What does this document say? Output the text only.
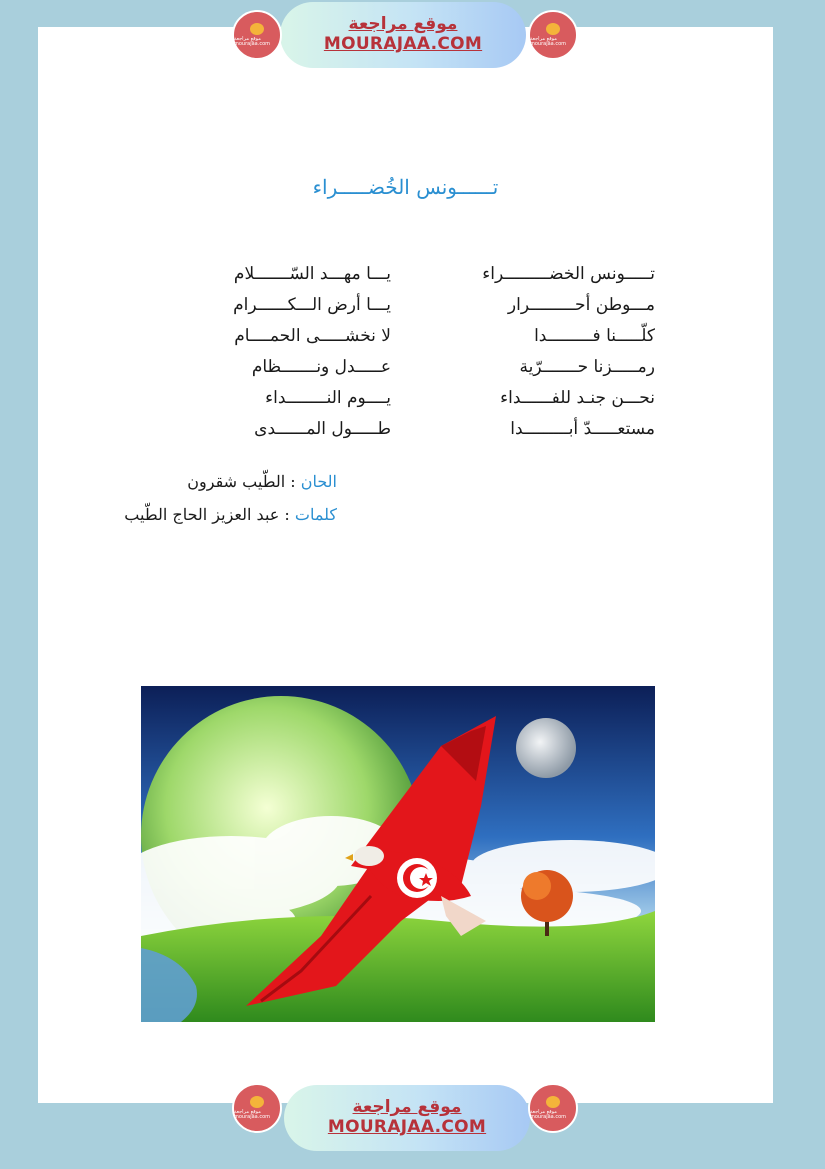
تــــــونس الخُضـــــراء
تـــــونس الخضـــــــــراء
مـــوطن أحـــــــــرار
كلّـــــنا فـــــــــدا
رمـــــزنا حـــــــرّية
نحـــن جنـد للفــــــداء
مستعـــــدّ أبـــــــــدا
يـــا مهـــد السّـــــــلام
يـــا أرض الـــكــــــرام
لا نخشـــــى الحمــــام
عـــــدل ونـــــــظام
يــــوم النــــــــداء
طـــــول المــــــدى
الحان : الطّيب شقرون
كلمات : عبد العزيز الحاج الطّيب
موقع مراجعة
MOURAJAA.COM
موقع مراجعة mourajaa.com
موقع مراجعة mourajaa.com
موقع مراجعة
MOURAJAA.COM
موقع مراجعة mourajaa.com
موقع مراجعة mourajaa.com
